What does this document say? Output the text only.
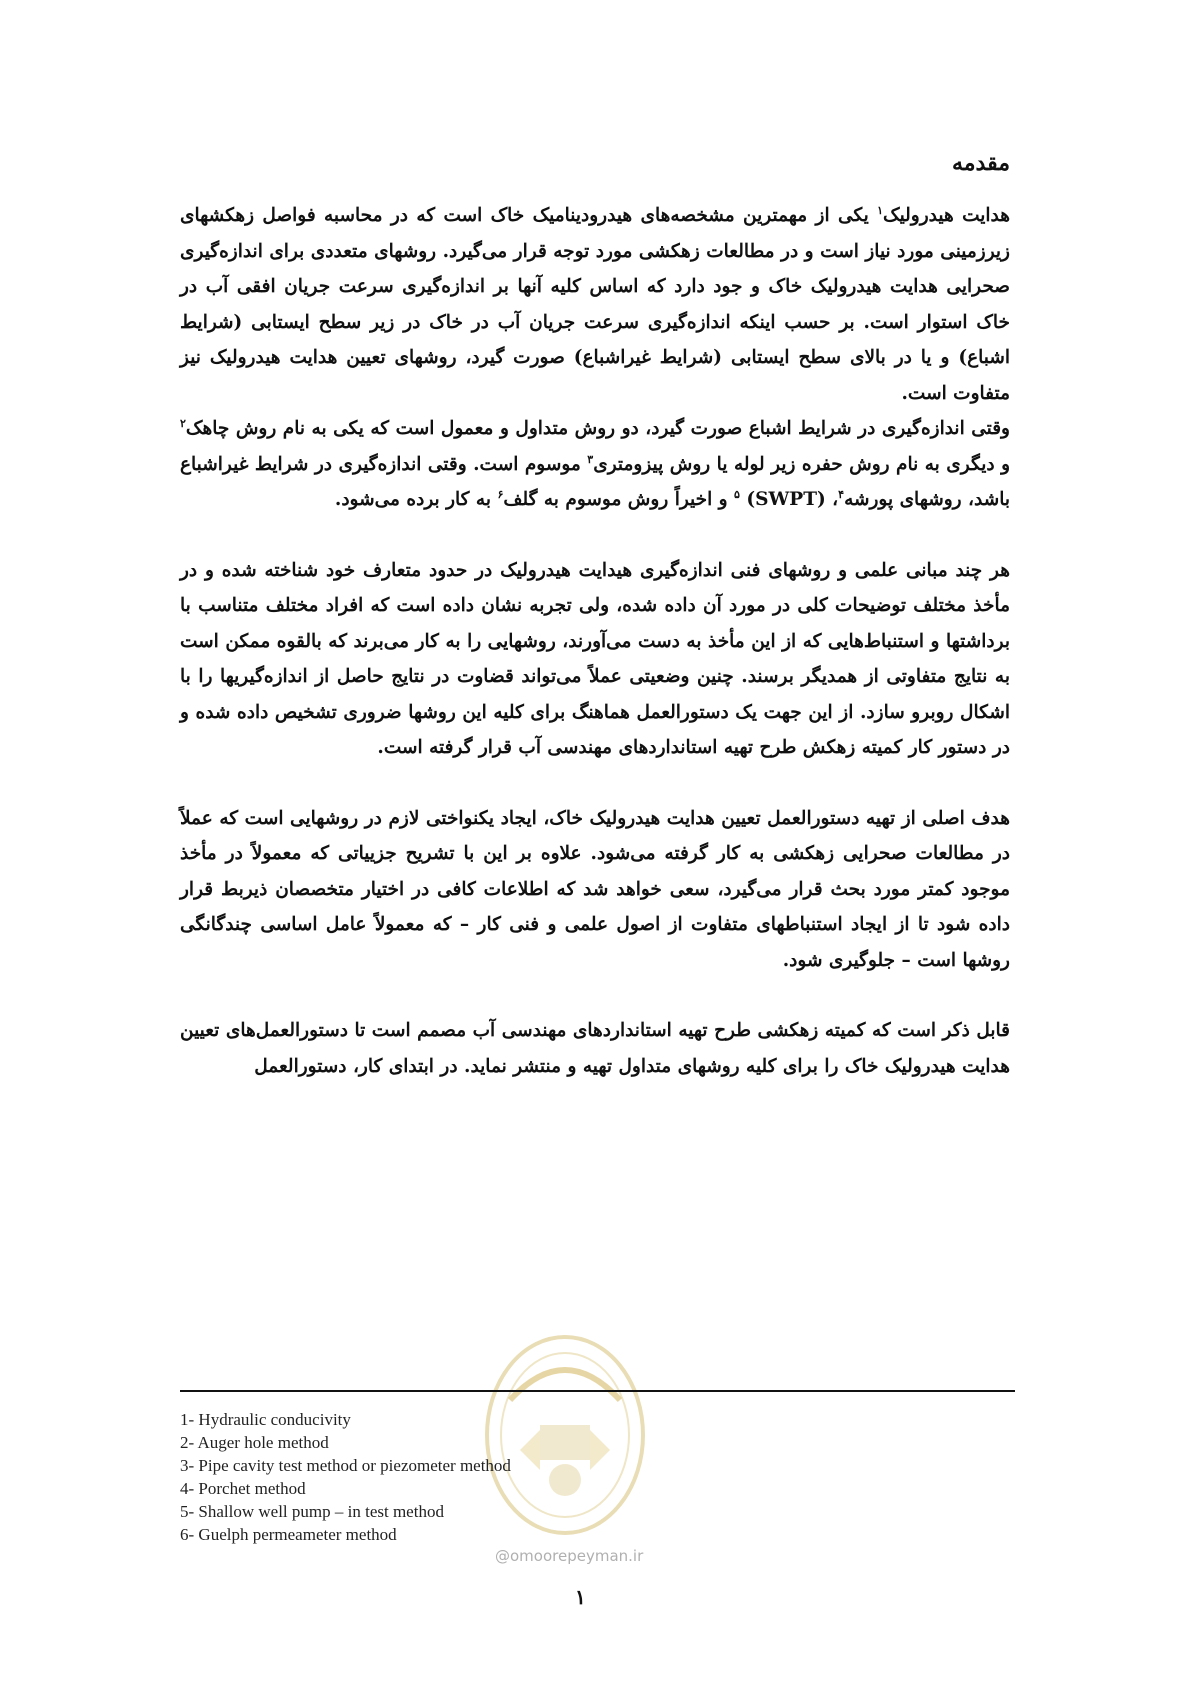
مقدمه

هدایت هیدرولیک$^۱$ یکی از مهمترین مشخصه‌های هیدرودینامیک خاک است که در محاسبه فواصل زهکشهای زیرزمینی مورد نیاز است و در مطالعات زهکشی مورد توجه قرار می‌گیرد. روشهای متعددی برای اندازه‌گیری صحرایی هدایت هیدرولیک خاک و جود دارد که اساس کلیه آنها بر اندازه‌گیری سرعت جریان افقی آب در خاک استوار است. بر حسب اینکه اندازه‌گیری سرعت جریان آب در خاک در زیر سطح ایستابی (شرایط اشباع) و یا در بالای سطح ایستابی (شرایط غیراشباع) صورت گیرد، روشهای تعیین هدایت هیدرولیک نیز متفاوت است.

وقتی اندازه‌گیری در شرایط اشباع صورت گیرد، دو روش متداول و معمول است که یکی به نام روش چاهک$^۲$ و دیگری به نام روش حفره زیر لوله یا روش پیزومتری$^۳$ موسوم است. وقتی اندازه‌گیری در شرایط غیراشباع باشد، روشهای پورشه$^۴$، (SWPT) $^۵$ و اخیراً روش موسوم به گلف$^۶$ به کار برده می‌شود.

هر چند مبانی علمی و روشهای فنی اندازه‌گیری هیدایت هیدرولیک در حدود متعارف خود شناخته شده و در مأخذ مختلف توضیحات کلی در مورد آن داده شده، ولی تجربه نشان داده است که افراد مختلف متناسب با برداشتها و استنباط‌هایی که از این مأخذ به دست می‌آورند، روشهایی را به کار می‌برند که بالقوه ممکن است به نتایج متفاوتی از همدیگر برسند. چنین وضعیتی عملاً می‌تواند قضاوت در نتایج حاصل از اندازه‌گیریها را با اشکال روبرو سازد. از این جهت یک دستورالعمل هماهنگ برای کلیه این روشها ضروری تشخیص داده شده و در دستور کار کمیته زهکش طرح تهیه استانداردهای مهندسی آب قرار گرفته است.

هدف اصلی از تهیه دستورالعمل تعیین هدایت هیدرولیک خاک، ایجاد یکنواختی لازم در روشهایی است که عملاً در مطالعات صحرایی زهکشی به کار گرفته می‌شود. علاوه بر این با تشریح جزییاتی که معمولاً در مأخذ موجود کمتر مورد بحث قرار می‌گیرد، سعی خواهد شد که اطلاعات کافی در اختیار متخصصان ذیربط قرار داده شود تا از ایجاد استنباطهای متفاوت از اصول علمی و فنی کار – که معمولاً عامل اساسی چندگانگی روشها است – جلوگیری شود.

قابل ذکر است که کمیته زهکشی طرح تهیه استانداردهای مهندسی آب مصمم است تا دستورالعمل‌های تعیین هدایت هیدرولیک خاک را برای کلیه روشهای متداول تهیه و منتشر نماید. در ابتدای کار، دستورالعمل

1- Hydraulic conducivity
2- Auger hole method
3- Pipe cavity test method or piezometer method
4- Porchet method
5- Shallow well pump – in test method
6- Guelph permeameter method
@omoorepeyman.ir
۱
